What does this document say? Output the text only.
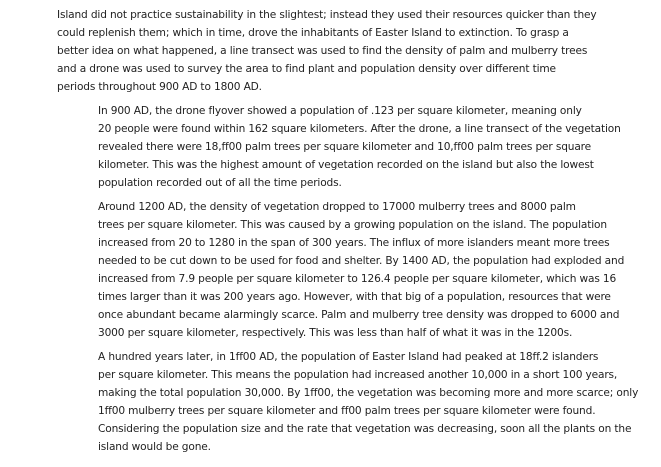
Island did not practice sustainability in the slightest; instead they used their resources quicker than they
could replenish them; which in time, drove the inhabitants of Easter Island to extinction. To grasp a
better idea on what happened, a line transect was used to find the density of palm and mulberry trees
and a drone was used to survey the area to find plant and population density over different time
periods throughout 900 AD to 1800 AD.

In 900 AD, the drone flyover showed a population of .123 per square kilometer, meaning only
20 people were found within 162 square kilometers. After the drone, a line transect of the vegetation
revealed there were 18,ff00 palm trees per square kilometer and 10,ff00 palm trees per square
kilometer. This was the highest amount of vegetation recorded on the island but also the lowest
population recorded out of all the time periods.

Around 1200 AD, the density of vegetation dropped to 17000 mulberry trees and 8000 palm
trees per square kilometer. This was caused by a growing population on the island. The population
increased from 20 to 1280 in the span of 300 years. The influx of more islanders meant more trees
needed to be cut down to be used for food and shelter. By 1400 AD, the population had exploded and
increased from 7.9 people per square kilometer to 126.4 people per square kilometer, which was 16
times larger than it was 200 years ago. However, with that big of a population, resources that were
once abundant became alarmingly scarce. Palm and mulberry tree density was dropped to 6000 and
3000 per square kilometer, respectively. This was less than half of what it was in the 1200s.

A hundred years later, in 1ff00 AD, the population of Easter Island had peaked at 18ff.2 islanders
per square kilometer. This means the population had increased another 10,000 in a short 100 years,
making the total population 30,000. By 1ff00, the vegetation was becoming more and more scarce; only
1ff00 mulberry trees per square kilometer and ff00 palm trees per square kilometer were found.
Considering the population size and the rate that vegetation was decreasing, soon all the plants on the
island would be gone.
